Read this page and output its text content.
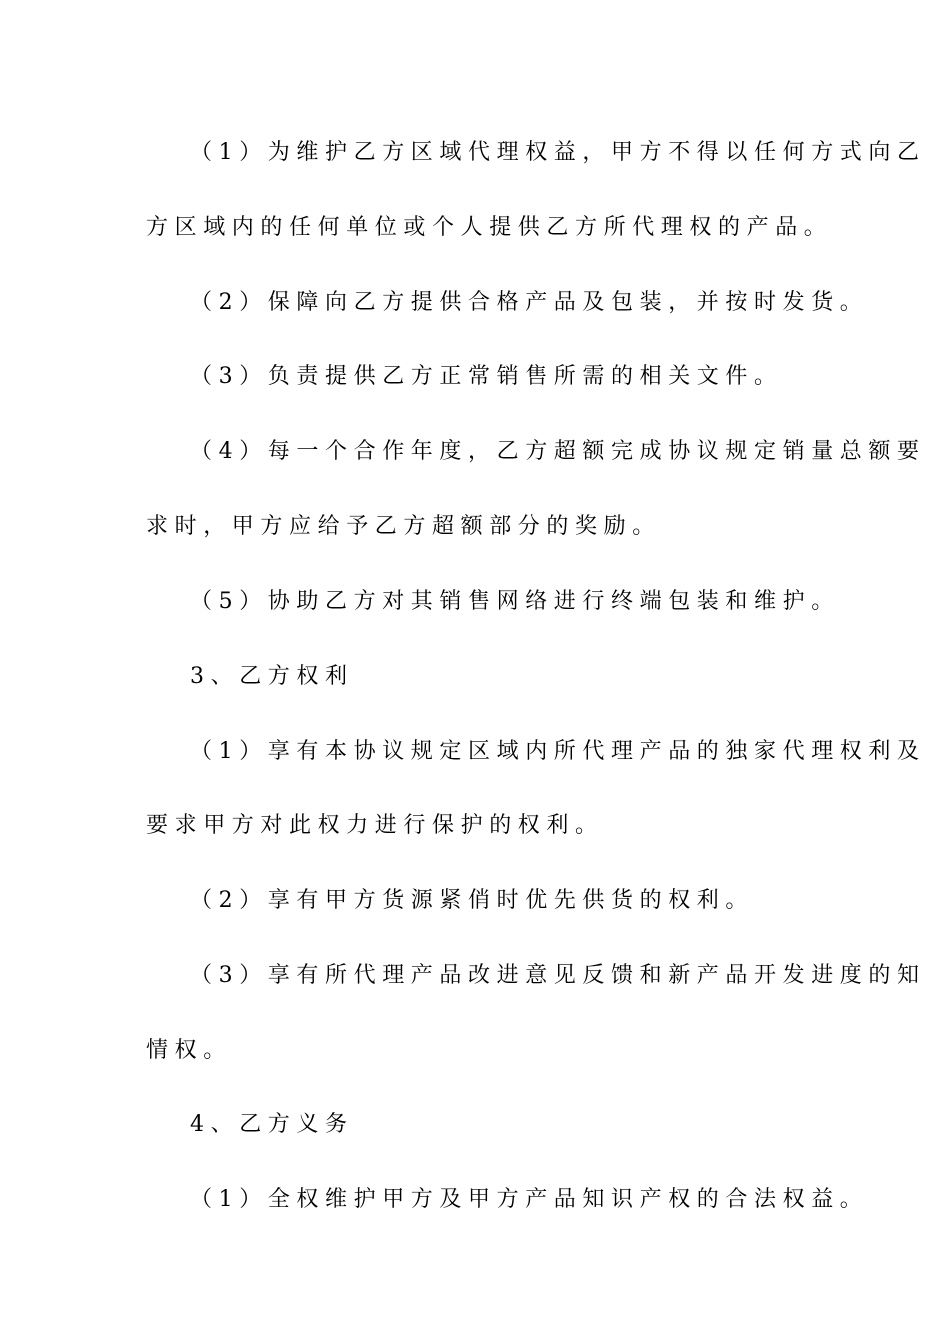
（1）为维护乙方区域代理权益，甲方不得以任何方式向乙
方区域内的任何单位或个人提供乙方所代理权的产品。
（2）保障向乙方提供合格产品及包装，并按时发货。
（3）负责提供乙方正常销售所需的相关文件。
（4）每一个合作年度，乙方超额完成协议规定销量总额要
求时，甲方应给予乙方超额部分的奖励。
（5）协助乙方对其销售网络进行终端包装和维护。
3、乙方权利
（1）享有本协议规定区域内所代理产品的独家代理权利及
要求甲方对此权力进行保护的权利。
（2）享有甲方货源紧俏时优先供货的权利。
（3）享有所代理产品改进意见反馈和新产品开发进度的知
情权。
4、乙方义务
（1）全权维护甲方及甲方产品知识产权的合法权益。
